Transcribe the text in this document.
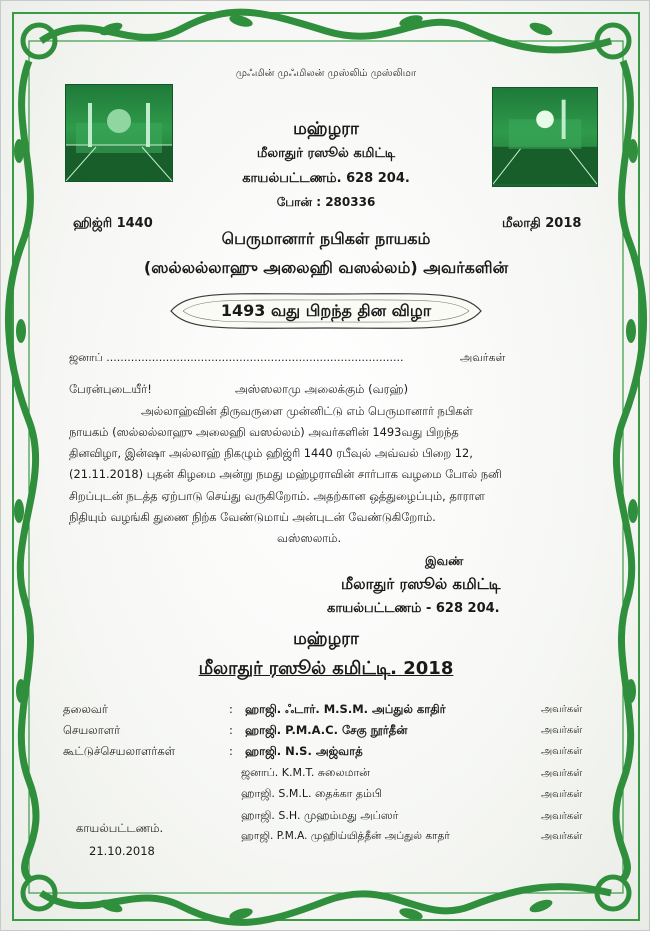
முஃமின் முஃமிலன் முஸ்லிம் முஸ்லிமா
மஹ்ழரா
மீலாதுர் ரஸூல் கமிட்டி
காயல்பட்டணம். 628 204.
போன் : 280336
ஹிஜ்ரி 1440	மீலாதி 2018
பெருமானார் நபிகள் நாயகம்
(ஸல்லல்லாஹு அலைஹி வஸல்லம்) அவர்களின்
1493 வது பிறந்த தின விழா
ஜனாப் .....................................................................................	அவர்கள்
பேரன்புடையீர்!	அஸ்ஸலாமு அலைக்கும் (வரஹ்)
அல்லாஹ்வின் திருவருளை முன்னிட்டு எம் பெருமானார் நபிகள்
நாயகம் (ஸல்லல்லாஹு அலைஹி வஸல்லம்) அவர்களின் 1493வது பிறந்த
தினவிழா, இன்ஷா அல்லாஹ் நிகழும் ஹிஜ்ரி 1440 ரபீவுல் அவ்வல் பிறை 12,
(21.11.2018) புதன் கிழமை அன்று நமது மஹ்ழராவின் சார்பாக வழமை போல் நனி
சிறப்புடன் நடத்த ஏற்பாடு செய்து வருகிறோம். அதற்கான ஒத்துழைப்பும், தாராள
நிதியும் வழங்கி துணை நிற்க வேண்டுமாய் அன்புடன் வேண்டுகிறோம்.
வஸ்ஸலாம்.
இவண்
மீலாதுர் ரஸூல் கமிட்டி
காயல்பட்டணம் - 628 204.
மஹ்ழரா
மீலாதுர் ரஸூல் கமிட்டி. 2018
தலைவர்	: ஹாஜி. ஃடார். M.S.M. அப்துல் காதிர்	அவர்கள்
செயலாளர்	: ஹாஜி. P.M.A.C. சேகு நூர்தீன்	அவர்கள்
கூட்டுச்செயலாளர்கள்	: ஹாஜி. N.S. அஜ்வாத்	அவர்கள்
ஜனாப். K.M.T. சுலைமான்	அவர்கள்
ஹாஜி. S.M.L. தைக்கா தம்பி	அவர்கள்
ஹாஜி. S.H. முஹம்மது அப்ஸர்	அவர்கள்
ஹாஜி. P.M.A. முஹிய்யித்தீன் அப்துல் காதர்	அவர்கள்
காயல்பட்டணம்.
21.10.2018
